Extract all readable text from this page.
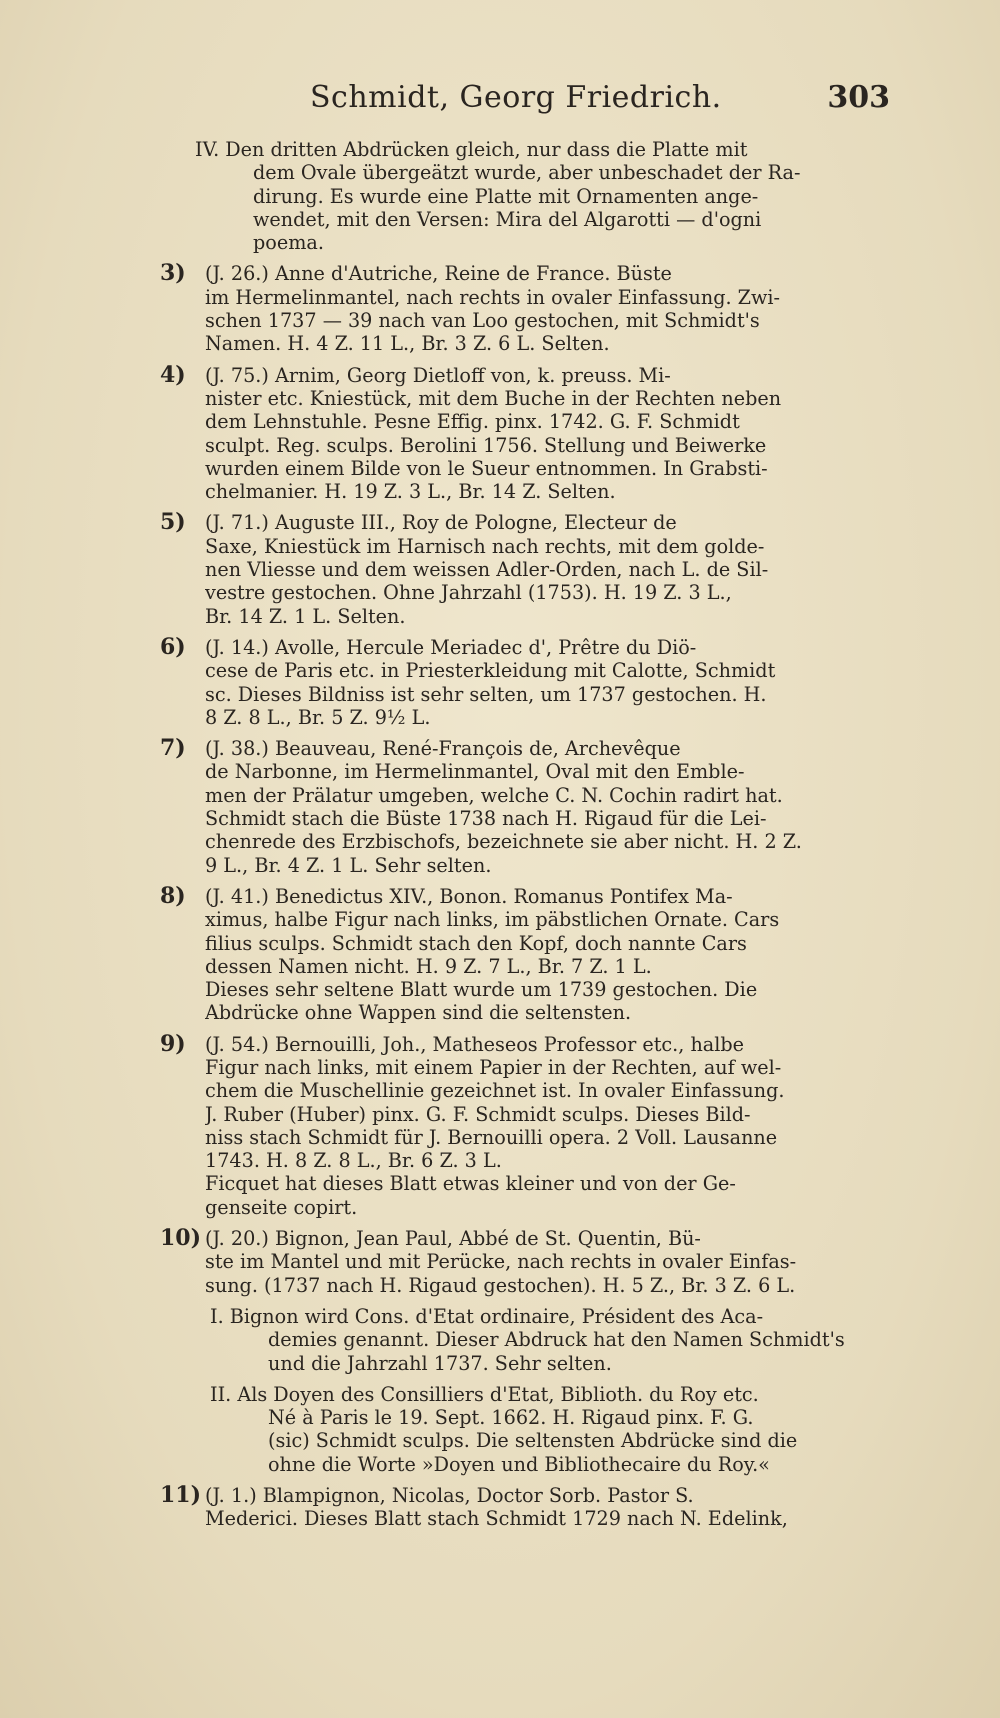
Schmidt, Georg Friedrich.	303
IV. Den dritten Abdrücken gleich, nur dass die Platte mit
dem Ovale übergeätzt wurde, aber unbeschadet der Ra-
dirung. Es wurde eine Platte mit Ornamenten ange-
wendet, mit den Versen: Mira del Algarotti — d'ogni
poema.
3) (J. 26.) Anne d'Autriche, Reine de France. Büste
im Hermelinmantel, nach rechts in ovaler Einfassung. Zwi-
schen 1737 — 39 nach van Loo gestochen, mit Schmidt's
Namen. H. 4 Z. 11 L., Br. 3 Z. 6 L. Selten.
4) (J. 75.) Arnim, Georg Dietloff von, k. preuss. Mi-
nister etc. Kniestück, mit dem Buche in der Rechten neben
dem Lehnstuhle. Pesne Effig. pinx. 1742. G. F. Schmidt
sculpt. Reg. sculps. Berolini 1756. Stellung und Beiwerke
wurden einem Bilde von le Sueur entnommen. In Grabsti-
chelmanier. H. 19 Z. 3 L., Br. 14 Z. Selten.
5) (J. 71.) Auguste III., Roy de Pologne, Electeur de
Saxe, Kniestück im Harnisch nach rechts, mit dem golde-
nen Vliesse und dem weissen Adler-Orden, nach L. de Sil-
vestre gestochen. Ohne Jahrzahl (1753). H. 19 Z. 3 L.,
Br. 14 Z. 1 L. Selten.
6) (J. 14.) Avolle, Hercule Meriadec d', Prêtre du Diö-
cese de Paris etc. in Priesterkleidung mit Calotte, Schmidt
sc. Dieses Bildniss ist sehr selten, um 1737 gestochen. H.
8 Z. 8 L., Br. 5 Z. 9½ L.
7) (J. 38.) Beauveau, René-François de, Archevêque
de Narbonne, im Hermelinmantel, Oval mit den Emble-
men der Prälatur umgeben, welche C. N. Cochin radirt hat.
Schmidt stach die Büste 1738 nach H. Rigaud für die Lei-
chenrede des Erzbischofs, bezeichnete sie aber nicht. H. 2 Z.
9 L., Br. 4 Z. 1 L. Sehr selten.
8) (J. 41.) Benedictus XIV., Bonon. Romanus Pontifex Ma-
ximus, halbe Figur nach links, im päbstlichen Ornate. Cars
filius sculps. Schmidt stach den Kopf, doch nannte Cars
dessen Namen nicht. H. 9 Z. 7 L., Br. 7 Z. 1 L.
Dieses sehr seltene Blatt wurde um 1739 gestochen. Die
Abdrücke ohne Wappen sind die seltensten.
9) (J. 54.) Bernouilli, Joh., Matheseos Professor etc., halbe
Figur nach links, mit einem Papier in der Rechten, auf wel-
chem die Muschellinie gezeichnet ist. In ovaler Einfassung.
J. Ruber (Huber) pinx. G. F. Schmidt sculps. Dieses Bild-
niss stach Schmidt für J. Bernouilli opera. 2 Voll. Lausanne
1743. H. 8 Z. 8 L., Br. 6 Z. 3 L.
Ficquet hat dieses Blatt etwas kleiner und von der Ge-
genseite copirt.
10) (J. 20.) Bignon, Jean Paul, Abbé de St. Quentin, Bü-
ste im Mantel und mit Perücke, nach rechts in ovaler Einfas-
sung. (1737 nach H. Rigaud gestochen). H. 5 Z., Br. 3 Z. 6 L.
I. Bignon wird Cons. d'Etat ordinaire, Président des Aca-
demies genannt. Dieser Abdruck hat den Namen Schmidt's
und die Jahrzahl 1737. Sehr selten.
II. Als Doyen des Consilliers d'Etat, Biblioth. du Roy etc.
Né à Paris le 19. Sept. 1662. H. Rigaud pinx. F. G.
(sic) Schmidt sculps. Die seltensten Abdrücke sind die
ohne die Worte »Doyen und Bibliothecaire du Roy.«
11) (J. 1.) Blampignon, Nicolas, Doctor Sorb. Pastor S.
Mederici. Dieses Blatt stach Schmidt 1729 nach N. Edelink,
